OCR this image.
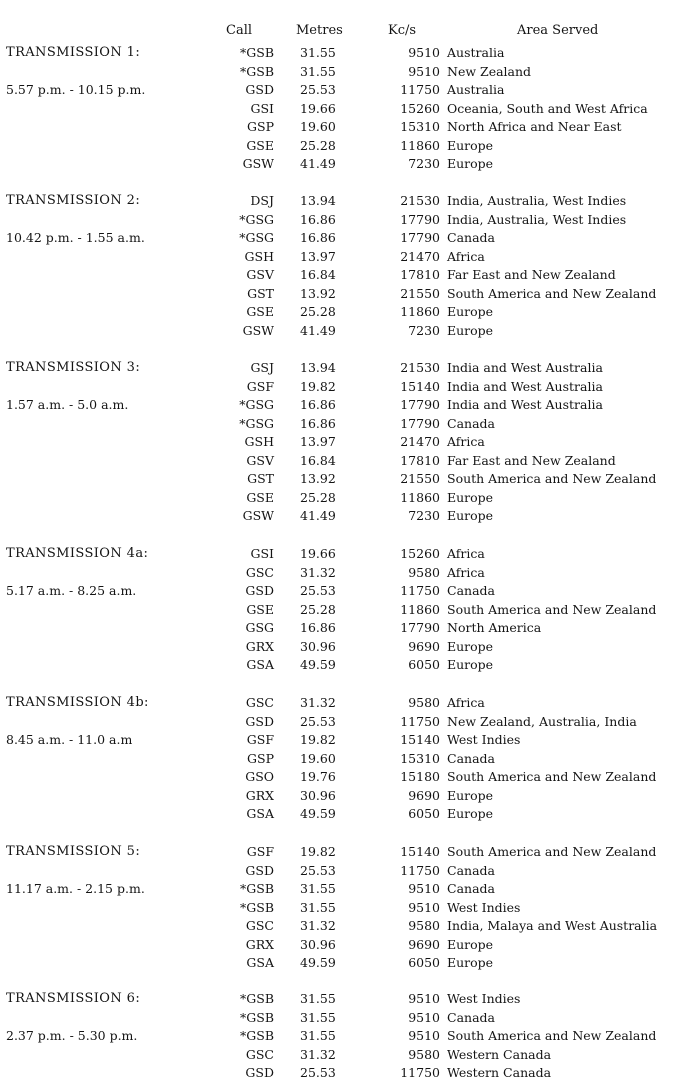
Call	Metres	Kc/s	Area Served
TRANSMISSION 1:
5.57 p.m. - 10.15 p.m.
*GSB 31.55	9510 Australia
*GSB 31.55	9510 New Zealand
GSD 25.53	11750 Australia
GSI 19.66	15260 Oceania, South and West Africa
GSP 19.60	15310 North Africa and Near East
GSE 25.28	11860 Europe
GSW 41.49	7230 Europe
TRANSMISSION 2:
10.42 p.m. - 1.55 a.m.
DSJ 13.94	21530 India, Australia, West Indies
*GSG 16.86	17790 India, Australia, West Indies
*GSG 16.86	17790 Canada
GSH 13.97	21470 Africa
GSV 16.84	17810 Far East and New Zealand
GST 13.92	21550 South America and New Zealand
GSE 25.28	11860 Europe
GSW 41.49	7230 Europe
TRANSMISSION 3:
1.57 a.m. - 5.0 a.m.
GSJ 13.94	21530 India and West Australia
GSF 19.82	15140 India and West Australia
*GSG 16.86	17790 India and West Australia
*GSG 16.86	17790 Canada
GSH 13.97	21470 Africa
GSV 16.84	17810 Far East and New Zealand
GST 13.92	21550 South America and New Zealand
GSE 25.28	11860 Europe
GSW 41.49	7230 Europe
TRANSMISSION 4a:
5.17 a.m. - 8.25 a.m.
GSI 19.66	15260 Africa
GSC 31.32	9580 Africa
GSD 25.53	11750 Canada
GSE 25.28	11860 South America and New Zealand
GSG 16.86	17790 North America
GRX 30.96	9690 Europe
GSA 49.59	6050 Europe
TRANSMISSION 4b:
8.45 a.m. - 11.0 a.m
GSC 31.32	9580 Africa
GSD 25.53	11750 New Zealand, Australia, India
GSF 19.82	15140 West Indies
GSP 19.60	15310 Canada
GSO 19.76	15180 South America and New Zealand
GRX 30.96	9690 Europe
GSA 49.59	6050 Europe
TRANSMISSION 5:
11.17 a.m. - 2.15 p.m.
GSF 19.82	15140 South America and New Zealand
GSD 25.53	11750 Canada
*GSB 31.55	9510 Canada
*GSB 31.55	9510 West Indies
GSC 31.32	9580 India, Malaya and West Australia
GRX 30.96	9690 Europe
GSA 49.59	6050 Europe
TRANSMISSION 6:
2.37 p.m. - 5.30 p.m.
*GSB 31.55	9510 West Indies
*GSB 31.55	9510 Canada
*GSB 31.55	9510 South America and New Zealand
GSC 31.32	9580 Western Canada
GSD 25.53	11750 Western Canada
